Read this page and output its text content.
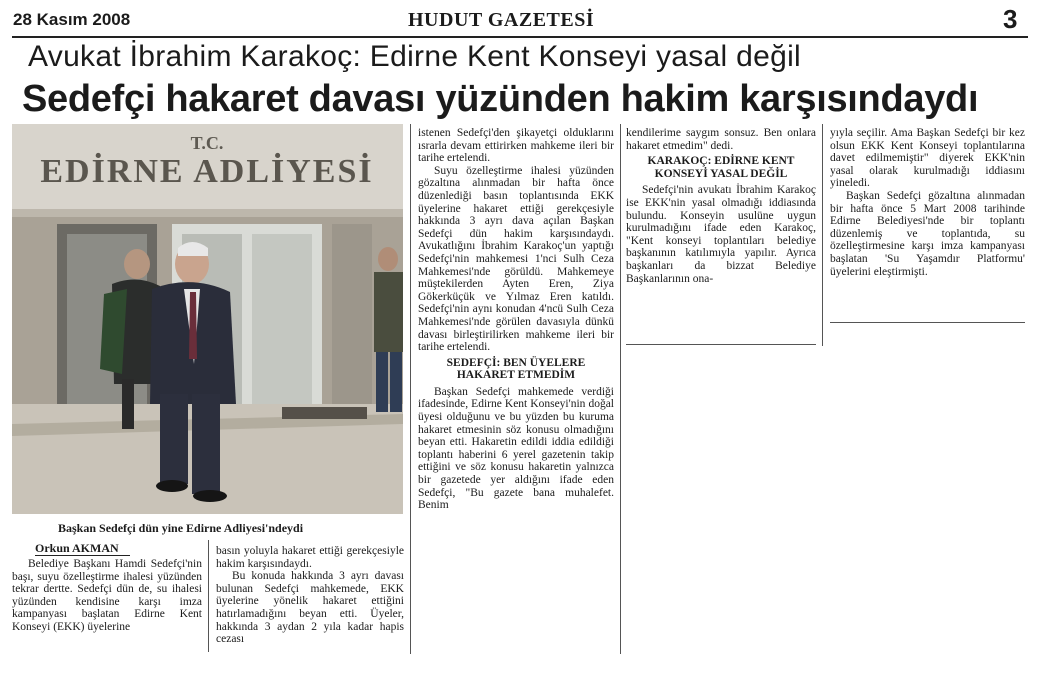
28 Kasım 2008	HUDUT GAZETESİ	3
Avukat İbrahim Karakoç: Edirne Kent Konseyi yasal değil
Sedefçi hakaret davası yüzünden hakim karşısındaydı
T.C.
EDİRNE ADLİYESİ
Başkan Sedefçi dün yine Edirne Adliyesi'ndeydi
Orkun AKMAN

Belediye Başkanı Hamdi Sedefçi'nin başı, suyu özelleştirme ihalesi yüzünden tekrar dertte. Sedefçi dün de, su ihalesi yüzünden kendisine karşı imza kampanyası başlatan Edirne Kent Konseyi (EKK) üyelerine

basın yoluyla hakaret ettiği gerekçesiyle hakim karşısındaydı.

Bu konuda hakkında 3 ayrı davası bulunan Sedefçi mahkemede, EKK üyelerine yönelik hakaret ettiğini hatırlamadığını beyan etti. Üyeler, hakkında 3 aydan 2 yıla kadar hapis cezası

istenen Sedefçi'den şikayetçi olduklarını ısrarla devam ettirirken mahkeme ileri bir tarihe ertelendi.

Suyu özelleştirme ihalesi yüzünden gözaltına alınmadan bir hafta önce düzenlediği basın toplantısında EKK üyelerine hakaret ettiği gerekçesiyle hakkında 3 ayrı dava açılan Başkan Sedefçi dün hakim karşısındaydı. Avukatlığını İbrahim Karakoç'un yaptığı Sedefçi'nin mahkemesi 1'nci Sulh Ceza Mahkemesi'nde görüldü. Mahkemeye müştekilerden Ayten Eren, Ziya Gökerküçük ve Yılmaz Eren katıldı. Sedefçi'nin aynı konudan 4'ncü Sulh Ceza Mahkemesi'nde görülen davasıyla dünkü davası birleştirilirken mahkeme ileri bir tarihe ertelendi.

SEDEFÇİ: BEN ÜYELERE HAKARET ETMEDİM

Başkan Sedefçi mahkemede verdiği ifadesinde, Edirne Kent Konseyi'nin doğal üyesi olduğunu ve bu yüzden bu kuruma hakaret etmesinin söz konusu olmadığını beyan etti. Hakaretin edildi iddia edildiği toplantı haberini 6 yerel gazetenin takip ettiğini ve söz konusu hakaretin yalnızca bir gazetede yer aldığını ifade eden Sedefçi, "Bu gazete bana muhalefet. Benim

kendilerime saygım sonsuz. Ben onlara hakaret etmedim" dedi.

KARAKOÇ: EDİRNE KENT KONSEYİ YASAL DEĞİL

Sedefçi'nin avukatı İbrahim Karakoç ise EKK'nin yasal olmadığı iddiasında bulundu. Konseyin usulüne uygun kurulmadığını ifade eden Karakoç, "Kent konseyi toplantıları belediye başkanının katılımıyla yapılır. Ayrıca başkanları da bizzat Belediye Başkanlarının ona-

yıyla seçilir. Ama Başkan Sedefçi bir kez olsun EKK Kent Konseyi toplantılarına davet edilmemiştir" diyerek EKK'nin yasal olarak kurulmadığı iddiasını yineledi.

Başkan Sedefçi gözaltına alınmadan bir hafta önce 5 Mart 2008 tarihinde Edirne Belediyesi'nde bir toplantı düzenlemiş ve toplantıda, su özelleştirmesine karşı imza kampanyası başlatan 'Su Yaşamdır Platformu' üyelerini eleştirmişti.
